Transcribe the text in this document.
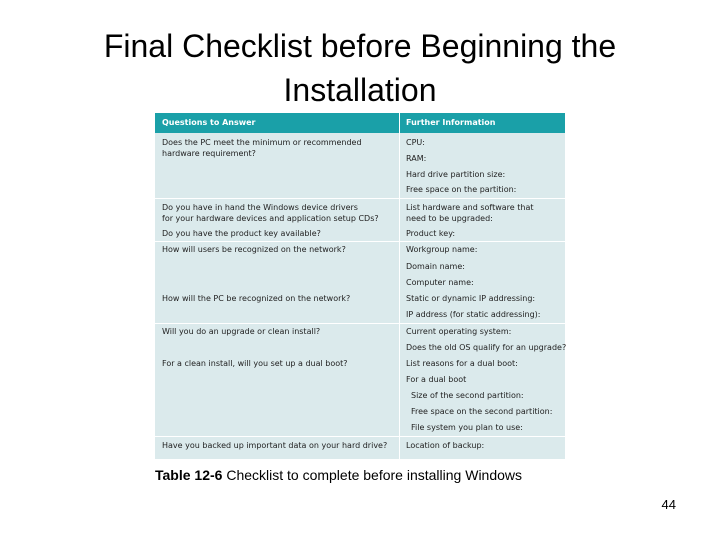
Final Checklist before Beginning the Installation
Questions to Answer	Further Information
Does the PC meet the minimum or recommended
hardware requirement?
Do you have in hand the Windows device drivers
for your hardware devices and application setup CDs?
Do you have the product key available?
How will users be recognized on the network?
How will the PC be recognized on the network?
Will you do an upgrade or clean install?
For a clean install, will you set up a dual boot?
Have you backed up important data on your hard drive?
CPU:
RAM:
Hard drive partition size:
Free space on the partition:
List hardware and software that
need to be upgraded:
Product key:
Workgroup name:
Domain name:
Computer name:
Static or dynamic IP addressing:
IP address (for static addressing):
Current operating system:
Does the old OS qualify for an upgrade?
List reasons for a dual boot:
For a dual boot
Size of the second partition:
Free space on the second partition:
File system you plan to use:
Location of backup:
Table 12-6 Checklist to complete before installing Windows
44
